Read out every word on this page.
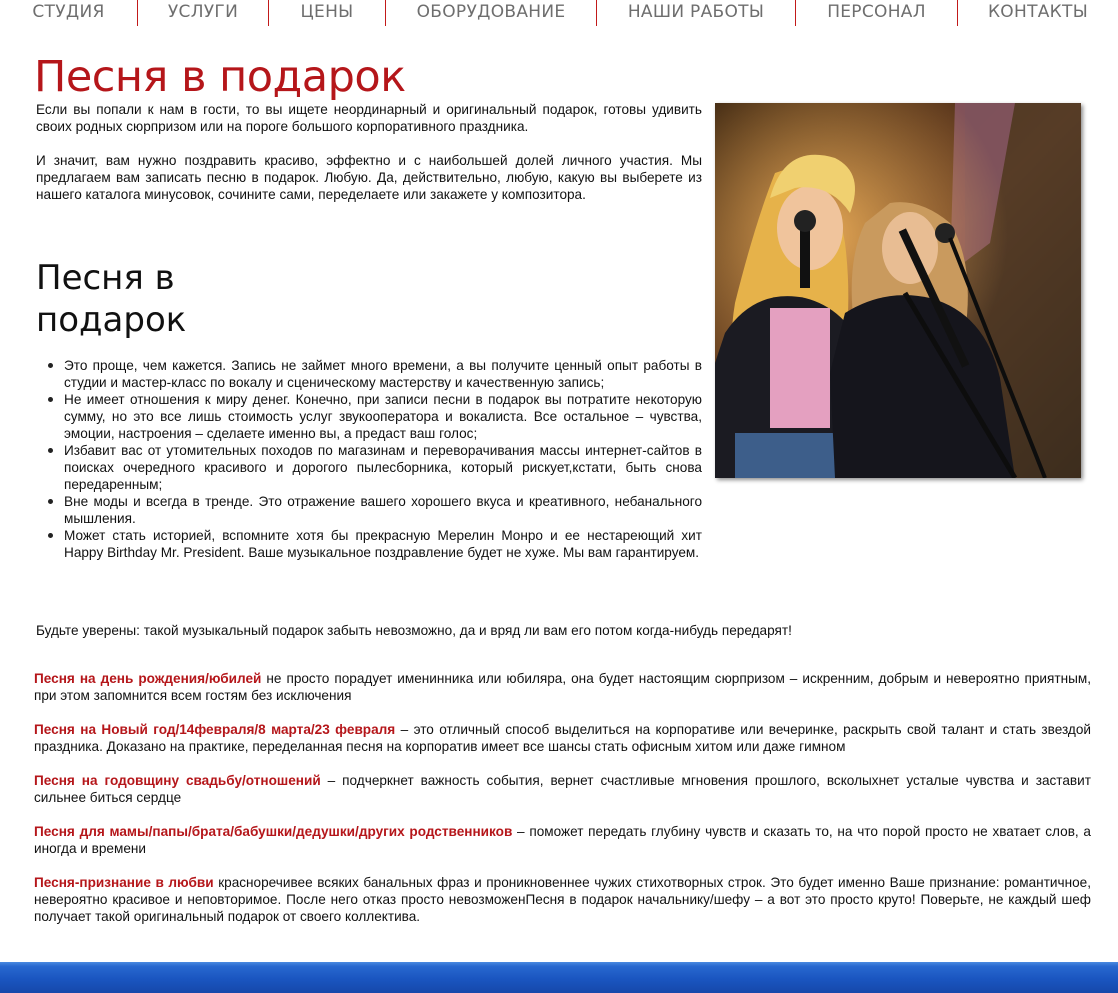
СТУДИЯ	УСЛУГИ	ЦЕНЫ	ОБОРУДОВАНИЕ	НАШИ РАБОТЫ	ПЕРСОНАЛ	КОНТАКТЫ
Песня в подарок

Если вы попали к нам в гости, то вы ищете неординарный и оригинальный подарок, готовы удивить своих родных сюрпризом или на пороге большого корпоративного праздника.

И значит, вам нужно поздравить красиво, эффектно и с наибольшей долей личного участия. Мы предлагаем вам записать песню в подарок. Любую. Да, действительно, любую, какую вы выберете из нашего каталога минусовок, сочините сами, переделаете или закажете у композитора.

Песня в подарок
Это проще, чем кажется. Запись не займет много времени, а вы получите ценный опыт работы в студии и мастер-класс по вокалу и сценическому мастерству и качественную запись;
Не имеет отношения к миру денег. Конечно, при записи песни в подарок вы потратите некоторую сумму, но это все лишь стоимость услуг звукооператора и вокалиста. Все остальное – чувства, эмоции, настроения – сделаете именно вы, а предаст ваш голос;
Избавит вас от утомительных походов по магазинам и переворачивания массы интернет-сайтов в поисках очередного красивого и дорогого пылесборника, который рискует,кстати, быть снова передаренным;
Вне моды и всегда в тренде. Это отражение вашего хорошего вкуса и креативного, небанального мышления.
Может стать историей, вспомните хотя бы прекрасную Мерелин Монро и ее нестареющий хит Happy Birthday Mr. President. Ваше музыкальное поздравление будет не хуже. Мы вам гарантируем.

Будьте уверены: такой музыкальный подарок забыть невозможно, да и вряд ли вам его потом когда-нибудь передарят!

Песня на день рождения/юбилей не просто порадует именинника или юбиляра, она будет настоящим сюрпризом – искренним, добрым и невероятно приятным, при этом запомнится всем гостям без исключения

Песня на Новый год/14февраля/8 марта/23 февраля – это отличный способ выделиться на корпоративе или вечеринке, раскрыть свой талант и стать звездой праздника. Доказано на практике, переделанная песня на корпоратив имеет все шансы стать офисным хитом или даже гимном

Песня на годовщину свадьбу/отношений – подчеркнет важность события, вернет счастливые мгновения прошлого, всколыхнет усталые чувства и заставит сильнее биться сердце

Песня для мамы/папы/брата/бабушки/дедушки/других родственников – поможет передать глубину чувств и сказать то, на что порой просто не хватает слов, а иногда и времени

Песня-признание в любви красноречивее всяких банальных фраз и проникновеннее чужих стихотворных строк. Это будет именно Ваше признание: романтичное, невероятно красивое и неповторимое. После него отказ просто невозможенПесня в подарок начальнику/шефу – а вот это просто круто! Поверьте, не каждый шеф получает такой оригинальный подарок от своего коллектива.
